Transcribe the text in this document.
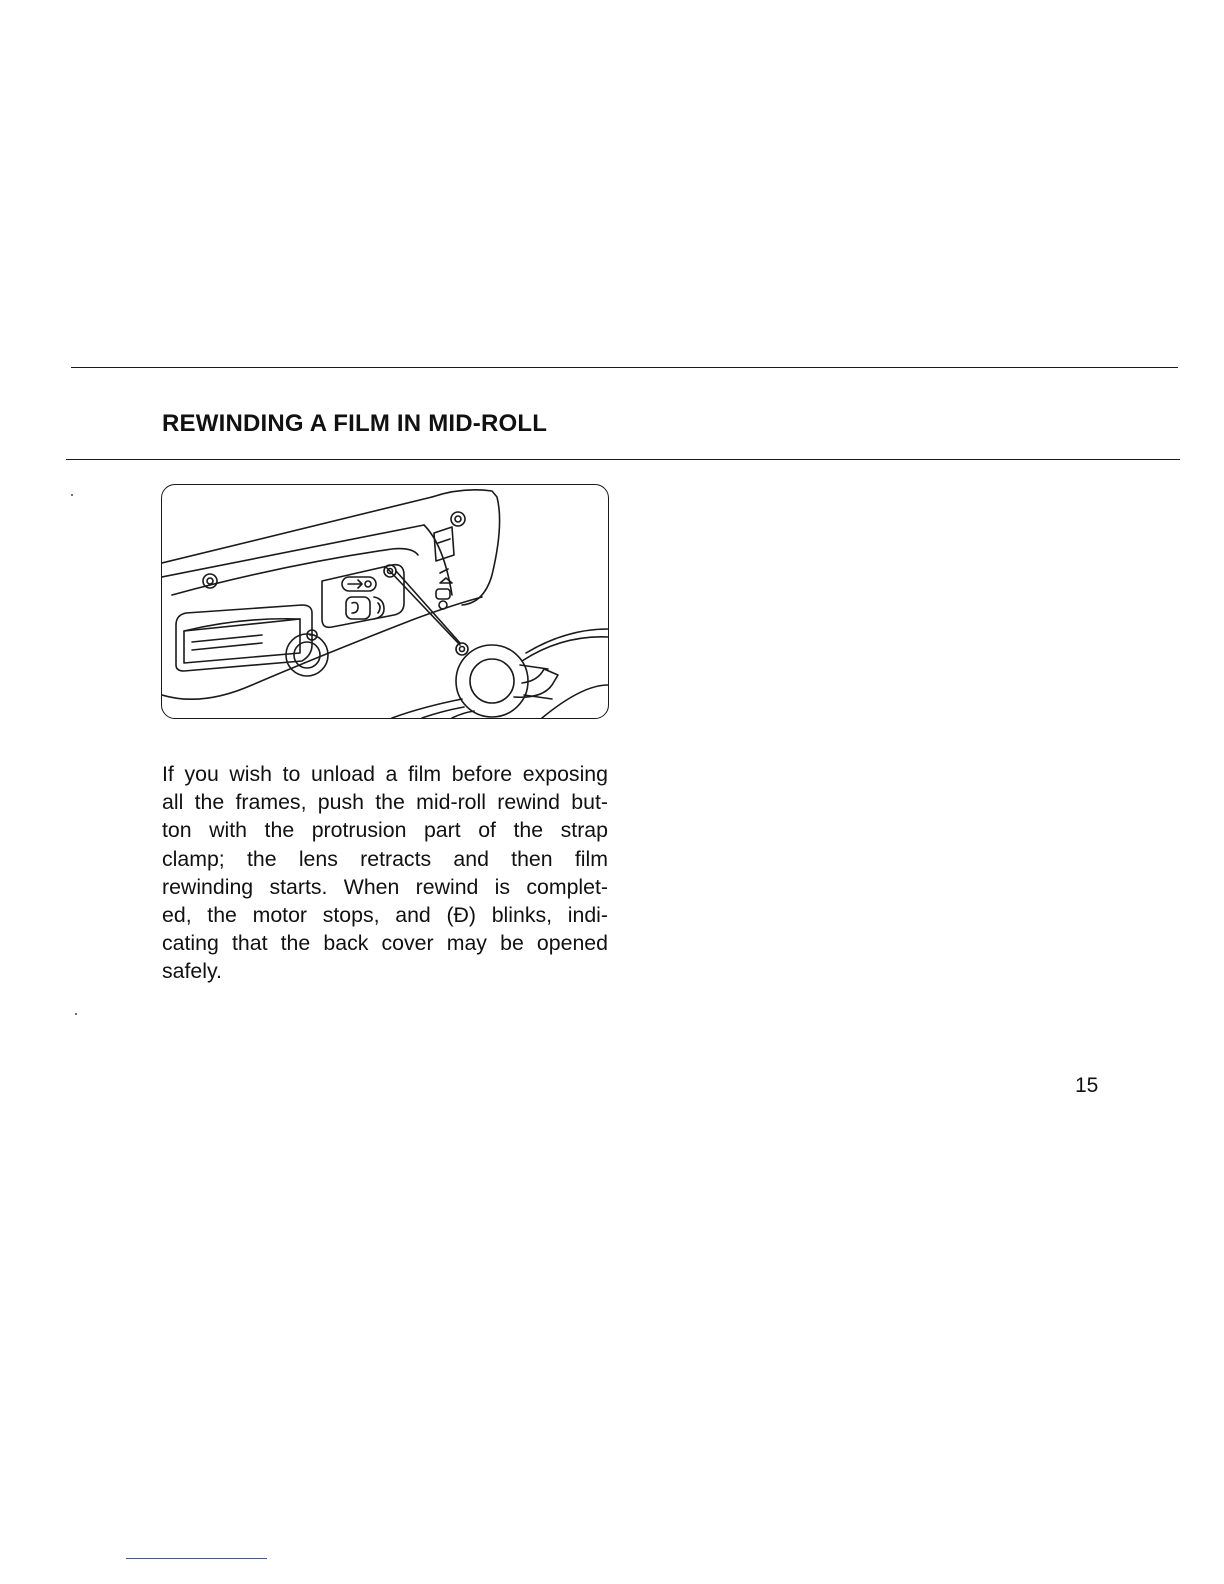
REWINDING A FILM IN MID-ROLL

If you wish to unload a film before exposing
all the frames, push the mid-roll rewind but-
ton with the protrusion part of the strap
clamp; the lens retracts and then film
rewinding starts. When rewind is complet-
ed, the motor stops, and (Ɖ) blinks, indi-
cating that the back cover may be opened
safely.

15
